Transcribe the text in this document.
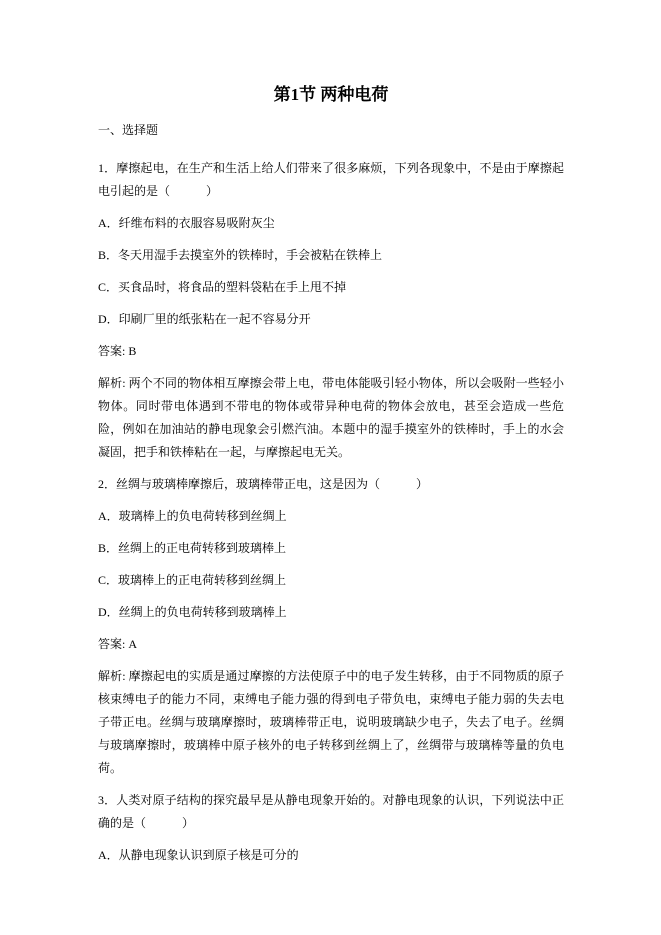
第1节 两种电荷

一、选择题

1．摩擦起电，在生产和生活上给人们带来了很多麻烦，下列各现象中，不是由于摩擦起电引起的是（　　　）

A．纤维布料的衣服容易吸附灰尘

B．冬天用湿手去摸室外的铁棒时，手会被粘在铁棒上

C．买食品时，将食品的塑料袋粘在手上甩不掉

D．印刷厂里的纸张粘在一起不容易分开

答案: B

解析: 两个不同的物体相互摩擦会带上电，带电体能吸引轻小物体，所以会吸附一些轻小物体。同时带电体遇到不带电的物体或带异种电荷的物体会放电，甚至会造成一些危险，例如在加油站的静电现象会引燃汽油。本题中的湿手摸室外的铁棒时，手上的水会凝固，把手和铁棒粘在一起，与摩擦起电无关。

2．丝绸与玻璃棒摩擦后，玻璃棒带正电，这是因为（　　　）

A．玻璃棒上的负电荷转移到丝绸上

B．丝绸上的正电荷转移到玻璃棒上

C．玻璃棒上的正电荷转移到丝绸上

D．丝绸上的负电荷转移到玻璃棒上

答案: A

解析: 摩擦起电的实质是通过摩擦的方法使原子中的电子发生转移，由于不同物质的原子核束缚电子的能力不同，束缚电子能力强的得到电子带负电，束缚电子能力弱的失去电子带正电。丝绸与玻璃摩擦时，玻璃棒带正电，说明玻璃缺少电子，失去了电子。丝绸与玻璃摩擦时，玻璃棒中原子核外的电子转移到丝绸上了，丝绸带与玻璃棒等量的负电荷。

3．人类对原子结构的探究最早是从静电现象开始的。对静电现象的认识，下列说法中正确的是（　　　）

A．从静电现象认识到原子核是可分的
